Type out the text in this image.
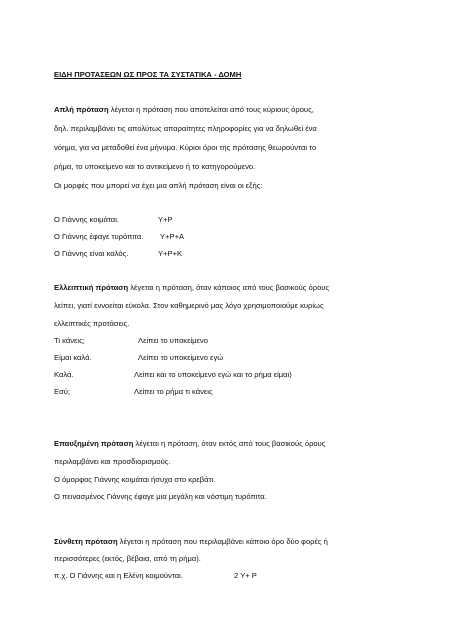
ΕΙΔΗ ΠΡΟΤΑΣΕΩΝ ΩΣ ΠΡΟΣ ΤΑ ΣΥΣΤΑΤΙΚΑ - ΔΟΜΗ
Απλή πρόταση λέγεται η πρόταση που αποτελείται από τους κύριους όρους,
δηλ. περιλαμβάνει τις απολύτως απαραίτητες πληροφορίες για να δηλωθεί ένα
νόημα, για να μεταδοθεί ένα μήνυμα. Κύριοι όροι της πρότασης θεωρούνται το
ρήμα, το υποκείμενο και το αντικείμενο ή το κατηγορούμενο.
Οι μορφές που μπορεί να έχει μια απλή πρόταση είναι οι εξής:
Ο Γιάννης κοιμάται.	Υ+Ρ
Ο Γιάννης έφαγε τυρόπιτα. Υ+Ρ+Α
Ο Γιάννης είναι καλός.	Υ+Ρ+Κ
Ελλειπτική πρόταση λέγεται η πρόταση, όταν κάποιος από τους βασικούς όρους
λείπει, γιατί εννοείται εύκολα. Στον καθημερινό μας λόγο χρησιμοποιούμε κυρίως
ελλειπτικές προτάσεις.
Τι κάνεις;	Λείπει το υποκείμενο
Είμαι καλά.	Λείπει το υποκείμενο εγώ
Καλά.	Λείπει και το υποκείμενο εγώ και το ρήμα είμαι)
Εσύ;	Λείπει το ρήμα τι κάνεις
Επαυξημένη πρόταση λέγεται η πρόταση, όταν εκτός από τους βασικούς όρους
περιλαμβάνει και προσδιορισμούς.
Ο όμορφος Γιάννης κοιμάται ήσυχα στο κρεβάτι.
Ο πεινασμένος Γιάννης έφαγε μια μεγάλη και νόστιμη τυρόπιτα.
Σύνθετη πρόταση λέγεται η πρόταση που περιλαμβάνει κάποιο όρο δύο φορές ή
περισσότερες (εκτός, βέβαια, από τη ρήμα).
π.χ. Ο Γιάννης και η Ελένη κοιμούνται.	2 Υ+ Ρ
